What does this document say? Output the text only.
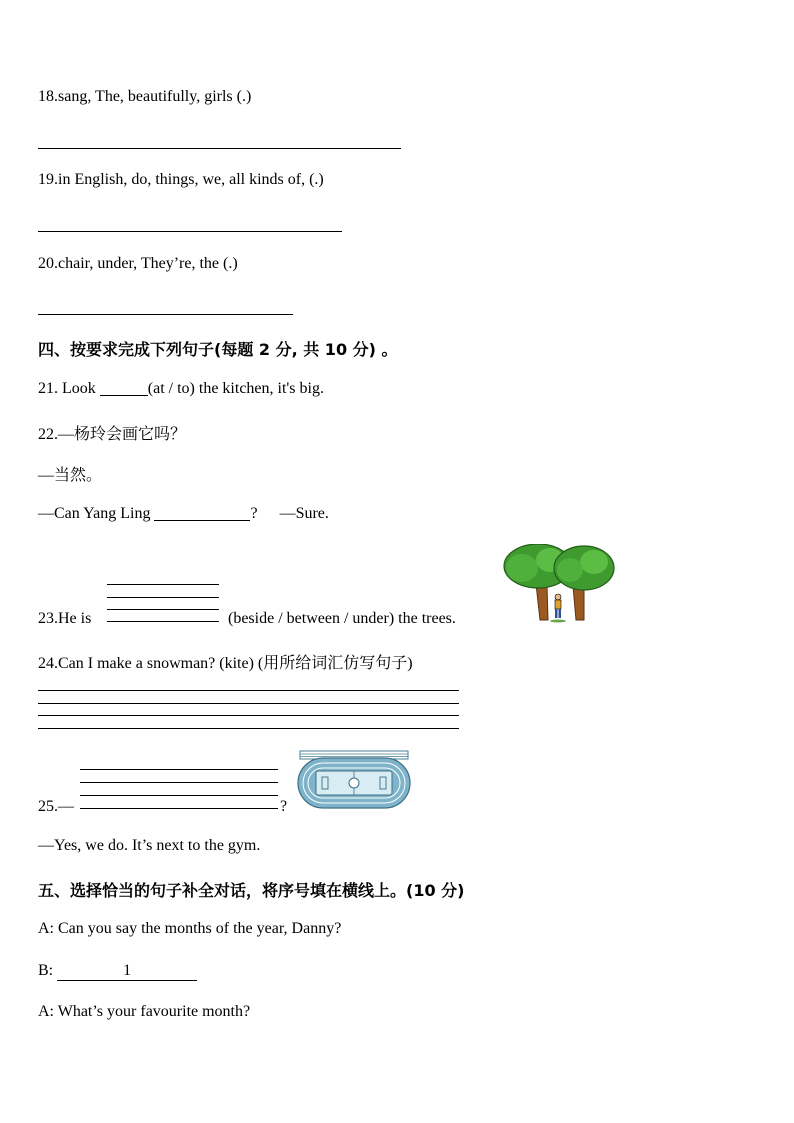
18.sang, The, beautifully, girls (.)
19.in English, do, things, we, all kinds of, (.)
20.chair, under, They’re, the (.)
四、按要求完成下列句子(每题 2 分, 共 10 分) 。
21. Look	(at / to) the kitchen, it's big.
22.—杨玲会画它吗？
—当然。
—Can Yang Ling	? —Sure.
23.He is	(beside / between / under) the trees.
24.Can I make a snowman? (kite) (用所给词汇仿写句子)
25.—	?
—Yes, we do. It’s next to the gym.
五、选择恰当的句子补全对话，将序号填在横线上。(10 分)
A: Can you say the months of the year, Danny?
B:	1
A: What’s your favourite month?
